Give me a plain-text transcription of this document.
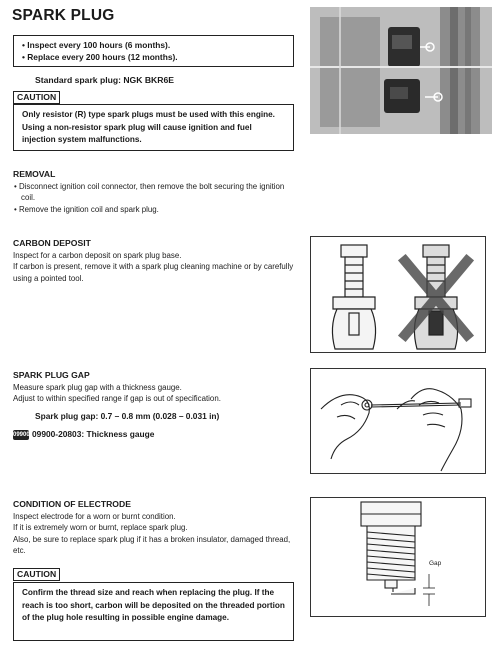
SPARK PLUG
• Inspect every 100 hours (6 months).
• Replace every 200 hours (12 months).
Standard spark plug: NGK BKR6E
CAUTION
Only resistor (R) type spark plugs must be used with this engine. Using a non-resistor spark plug will cause ignition and fuel injection system malfunctions.
REMOVAL
• Disconnect ignition coil connector, then remove the bolt securing the ignition coil.
• Remove the ignition coil and spark plug.
CARBON DEPOSIT
Inspect for a carbon deposit on spark plug base.
If carbon is present, remove it with a spark plug cleaning machine or by carefully using a pointed tool.
SPARK PLUG GAP
Measure spark plug gap with a thickness gauge.
Adjust to within specified range if gap is out of specification.
Spark plug gap: 0.7 – 0.8 mm (0.028 – 0.031 in)
09900 09900-20803: Thickness gauge
CONDITION OF ELECTRODE
Inspect electrode for a worn or burnt condition.
If it is extremely worn or burnt, replace spark plug.
Also, be sure to replace spark plug if it has a broken insulator, damaged thread, etc.
CAUTION
Confirm the thread size and reach when replacing the plug. If the reach is too short, carbon will be deposited on the threaded portion of the plug hole resulting in possible engine damage.
Gap
